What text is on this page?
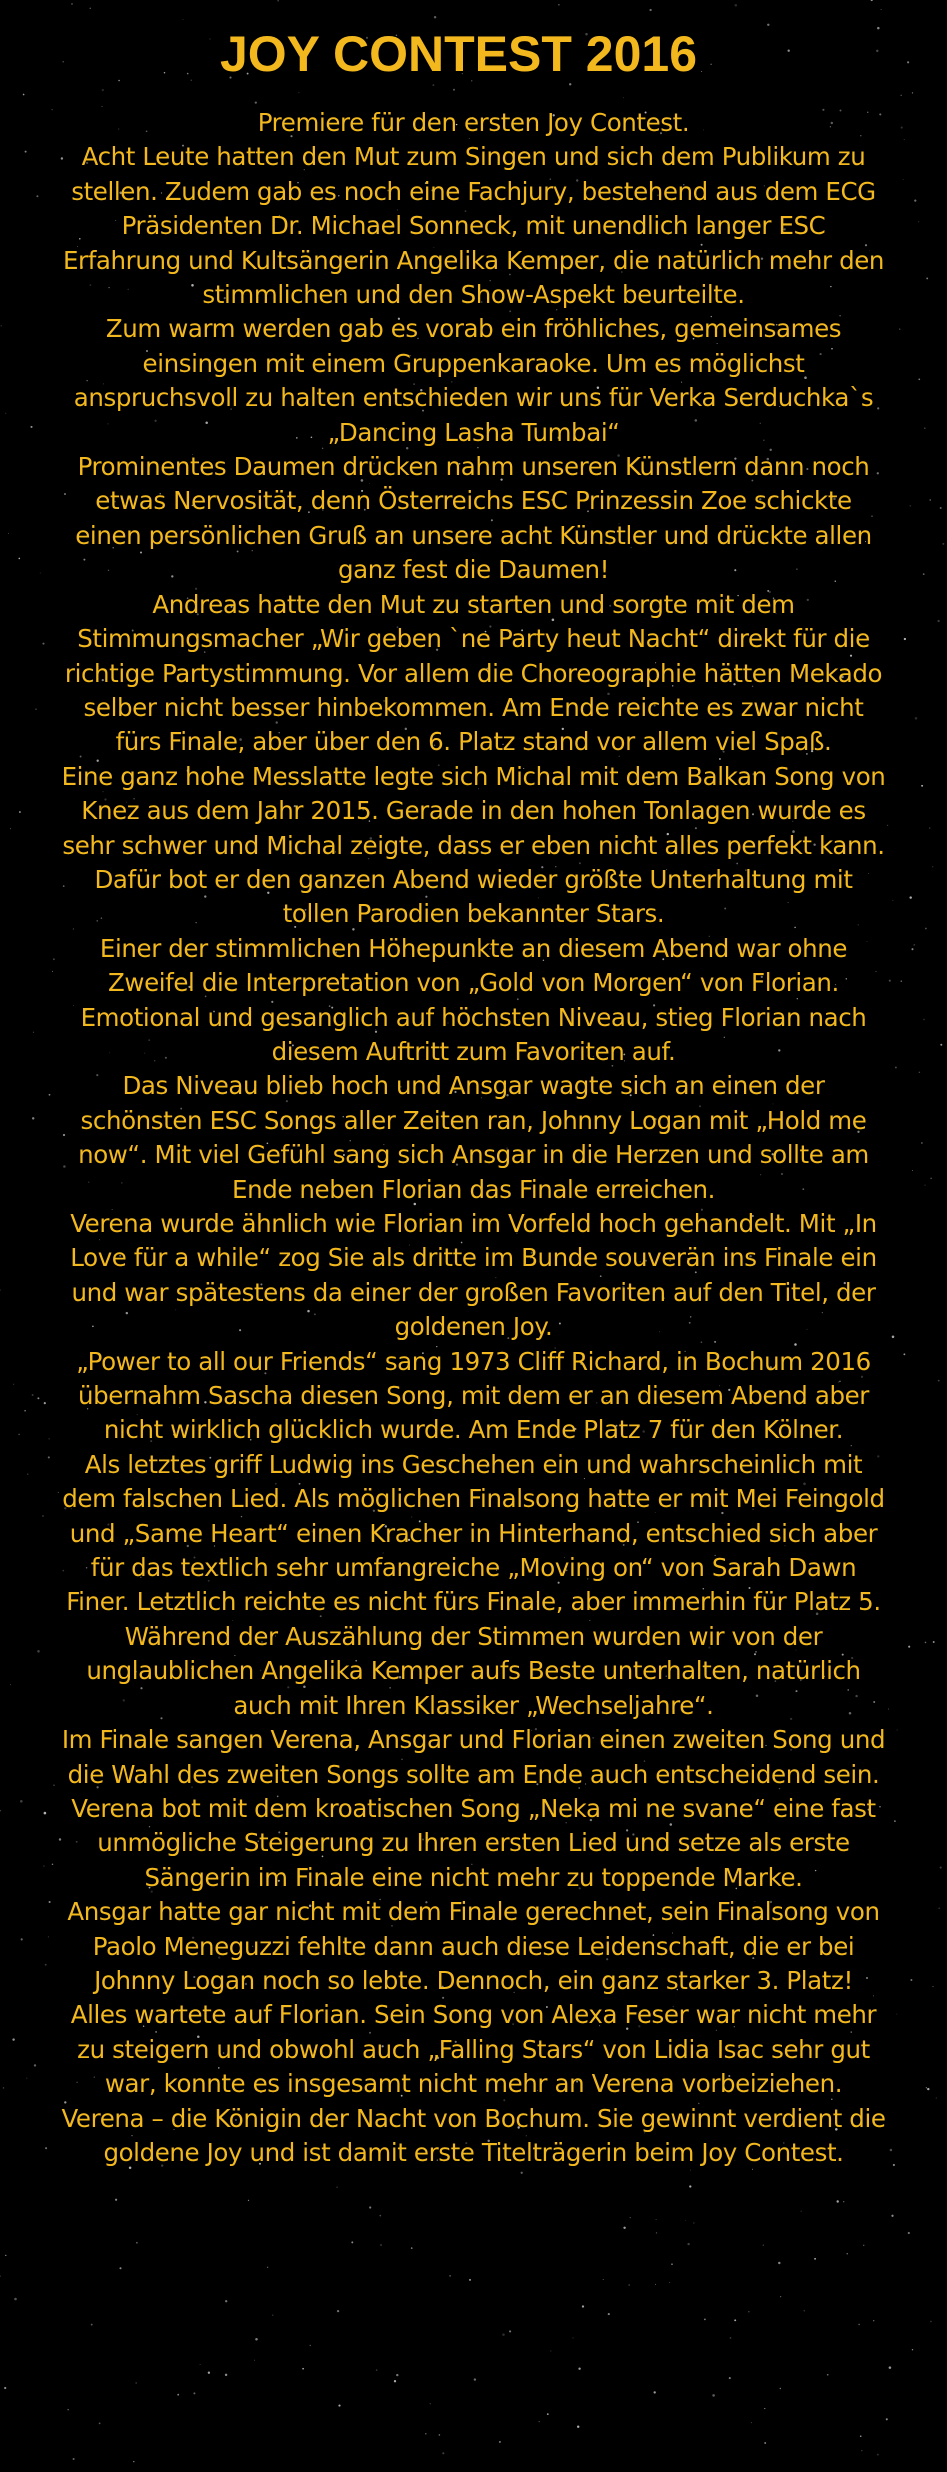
JOY CONTEST 2016

Premiere für den ersten Joy Contest.

Acht Leute hatten den Mut zum Singen und sich dem Publikum zu stellen. Zudem gab es noch eine Fachjury, bestehend aus dem ECG Präsidenten Dr. Michael Sonneck, mit unendlich langer ESC Erfahrung und Kultsängerin Angelika Kemper, die natürlich mehr den stimmlichen und den Show-Aspekt beurteilte.

Zum warm werden gab es vorab ein fröhliches, gemeinsames einsingen mit einem Gruppenkaraoke. Um es möglichst anspruchsvoll zu halten entschieden wir uns für Verka Serduchka`s „Dancing Lasha Tumbai“

Prominentes Daumen drücken nahm unseren Künstlern dann noch etwas Nervosität, denn Österreichs ESC Prinzessin Zoe schickte einen persönlichen Gruß an unsere acht Künstler und drückte allen ganz fest die Daumen!

Andreas hatte den Mut zu starten und sorgte mit dem Stimmungsmacher „Wir geben `ne Party heut Nacht“ direkt für die richtige Partystimmung. Vor allem die Choreographie hätten Mekado selber nicht besser hinbekommen. Am Ende reichte es zwar nicht fürs Finale, aber über den 6. Platz stand vor allem viel Spaß.

Eine ganz hohe Messlatte legte sich Michal mit dem Balkan Song von Knez aus dem Jahr 2015. Gerade in den hohen Tonlagen wurde es sehr schwer und Michal zeigte, dass er eben nicht alles perfekt kann. Dafür bot er den ganzen Abend wieder größte Unterhaltung mit tollen Parodien bekannter Stars.

Einer der stimmlichen Höhepunkte an diesem Abend war ohne Zweifel die Interpretation von „Gold von Morgen“ von Florian. Emotional und gesanglich auf höchsten Niveau, stieg Florian nach diesem Auftritt zum Favoriten auf.

Das Niveau blieb hoch und Ansgar wagte sich an einen der schönsten ESC Songs aller Zeiten ran, Johnny Logan mit „Hold me now“. Mit viel Gefühl sang sich Ansgar in die Herzen und sollte am Ende neben Florian das Finale erreichen.

Verena wurde ähnlich wie Florian im Vorfeld hoch gehandelt. Mit „In Love für a while“ zog Sie als dritte im Bunde souverän ins Finale ein und war spätestens da einer der großen Favoriten auf den Titel, der goldenen Joy.

„Power to all our Friends“ sang 1973 Cliff Richard, in Bochum 2016 übernahm Sascha diesen Song, mit dem er an diesem Abend aber nicht wirklich glücklich wurde. Am Ende Platz 7 für den Kölner.

Als letztes griff Ludwig ins Geschehen ein und wahrscheinlich mit dem falschen Lied. Als möglichen Finalsong hatte er mit Mei Feingold und „Same Heart“ einen Kracher in Hinterhand, entschied sich aber für das textlich sehr umfangreiche „Moving on“ von Sarah Dawn Finer. Letztlich reichte es nicht fürs Finale, aber immerhin für Platz 5.

Während der Auszählung der Stimmen wurden wir von der unglaublichen Angelika Kemper aufs Beste unterhalten, natürlich auch mit Ihren Klassiker „Wechseljahre“.

Im Finale sangen Verena, Ansgar und Florian einen zweiten Song und die Wahl des zweiten Songs sollte am Ende auch entscheidend sein. Verena bot mit dem kroatischen Song „Neka mi ne svane“ eine fast unmögliche Steigerung zu Ihren ersten Lied und setze als erste Sängerin im Finale eine nicht mehr zu toppende Marke.

Ansgar hatte gar nicht mit dem Finale gerechnet, sein Finalsong von Paolo Meneguzzi fehlte dann auch diese Leidenschaft, die er bei Johnny Logan noch so lebte. Dennoch, ein ganz starker 3. Platz!

Alles wartete auf Florian. Sein Song von Alexa Feser war nicht mehr zu steigern und obwohl auch „Falling Stars“ von Lidia Isac sehr gut war, konnte es insgesamt nicht mehr an Verena vorbeiziehen.

Verena – die Königin der Nacht von Bochum. Sie gewinnt verdient die goldene Joy und ist damit erste Titelträgerin beim Joy Contest.
